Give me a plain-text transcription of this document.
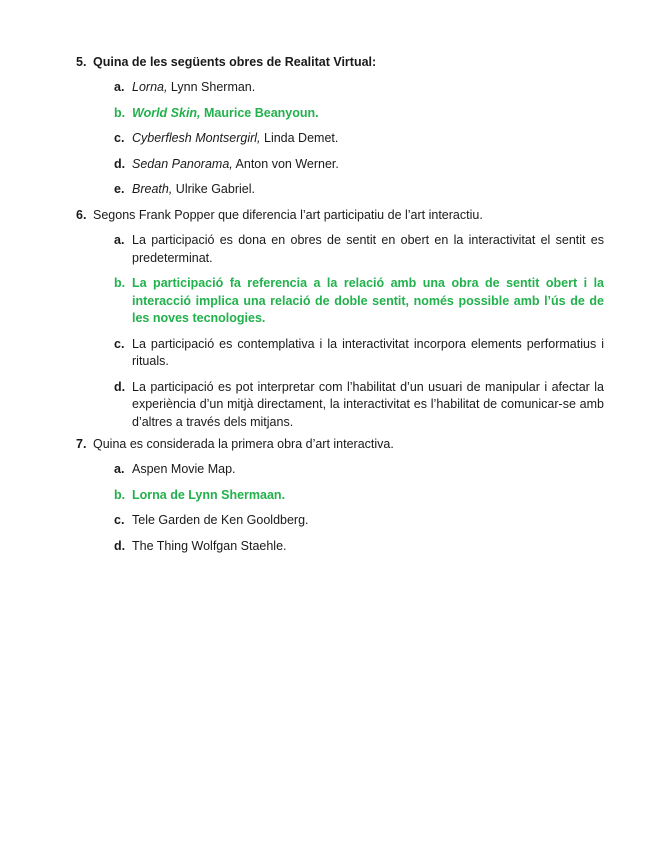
5. Quina de les següents obres de Realitat Virtual:
a. Lorna, Lynn Sherman.
b. World Skin, Maurice Beanyoun.
c. Cyberflesh Montsergirl, Linda Demet.
d. Sedan Panorama, Anton von Werner.
e. Breath, Ulrike Gabriel.
6. Segons Frank Popper que diferencia l’art participatiu de l’art interactiu.
a. La participació es dona en obres de sentit en obert en la interactivitat el sentit es predeterminat.
b. La participació fa referencia a la relació amb una obra de sentit obert i la interacció implica una relació de doble sentit, només possible amb l’ús de de les noves tecnologies.
c. La participació es contemplativa i la interactivitat incorpora elements performatius i rituals.
d. La participació es pot interpretar com l’habilitat d’un usuari de manipular i afectar la experiència d’un mitjà directament, la interactivitat es l’habilitat de comunicar-se amb d’altres a través dels mitjans.
7. Quina es considerada la primera obra d’art interactiva.
a. Aspen Movie Map.
b. Lorna de Lynn Shermaan.
c. Tele Garden de Ken Gooldberg.
d. The Thing Wolfgan Staehle.
